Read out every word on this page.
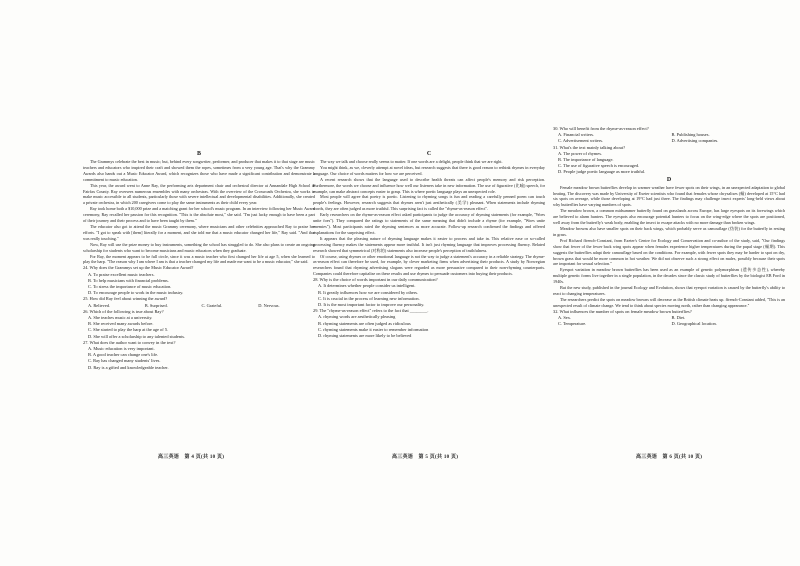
B

The Grammys celebrate the best in music; but, behind every songwriter, performer, and producer that makes it to that stage are music teachers and educators who inspired their craft and showed them the ropes, sometimes from a very young age. That's why the Grammy Awards also hands out a Music Educator Award, which recognizes those who have made a significant contribution and demonstrate a commitment to music education.

This year, the award went to Anne Ray, the performing arts department chair and orchestral director at Annandale High School in Fairfax County. Ray oversees numerous ensembles with many orchestras. With the overview of the Crossroads Orchestra, she works to make music accessible to all students, particularly those with severe intellectual and developmental disabilities. Additionally, she created a private orchestra, in which 200 caregivers come to play the same instruments as their child every year.

Ray took home both a $10,000 prize and a matching grant for her school's music program. In an interview following her Music Award ceremony, Ray recalled her passion for this recognition. "This is the absolute most," she said. "I'm just lucky enough to have been a part of their journey and their process and to have been taught by them."

The educator also got to attend the music Grammy ceremony, where musicians and other celebrities approached Ray to praise her efforts. "I got to speak with [them] literally for a moment, and she told me that a music educator changed her life," Ray said. "And that was really touching."

Now, Ray will use the prize money to buy instruments, something the school has struggled to do. She also plans to create an ongoing scholarship for students who want to become musicians and music educators when they graduate.

For Ray, the moment appears to be full circle, since it was a music teacher who first changed her life at age 5, when she learned to play the harp. "The reason why I am where I am is that a teacher changed my life and made me want to be a music educator," she said.

24. Why does the Grammys set up the Music Educator Award?

A. To praise excellent music teachers.

B. To help musicians with financial problems.

C. To stress the importance of music education.

D. To encourage people to work in the music industry.

25. How did Ray feel about winning the award?

A. Relieved.	B. Surprised.	C. Grateful.	D. Nervous.

26. Which of the following is true about Ray?

A. She teaches music at a university.

B. She received many awards before.

C. She started to play the harp at the age of 5.

D. She will offer a scholarship to any talented students.

27. What does the author want to convey in the text?

A. Music education is very important.

B. A good teacher can change one's life.

C. Ray has changed many students' lives.

D. Ray is a gifted and knowledgeable teacher.

C

The way we talk and choose really seems to matter. If one words are a delight, people think that we are right.

You might think, as we, cleverly attempt at novel ideas, but research suggests that there is good reason to rethink rhymes in everyday language. Our choice of words matters for how we are perceived.

A recent research shows that the language used to describe health threats can affect people's memory and risk perception. Furthermore, the words we choose and influence how well our listeners take in new information. The use of figurative (比喻) speech, for example, can make abstract concepts easier to grasp. This is where poetic language plays an unexpected role.

Most people will agree that poetry is poetic. Listening to rhyming songs is fun and reading a carefully penned poem can touch people's feelings. However, research suggests that rhymes aren't just aesthetically (美学) pleasant. When statements include rhyming words, they are often judged as more truthful. This surprising fact is called the "rhyme-as-reason effect".

Early researchers on the rhyme-as-reason effect asked participants to judge the accuracy of rhyming statements (for example, "Woes unite foes"). They compared the ratings to statements of the same meaning that didn't include a rhyme (for example, "Woes unite enemies"). Most participants rated the rhyming sentences as more accurate. Follow-up research confirmed the findings and offered explanations for the surprising effect.

It appears that the pleasing nature of rhyming language makes it easier to process and take in. This relative ease or so-called processing fluency makes the statements appear more truthful. It isn't just rhyming language that improves processing fluency. Related research showed that symmetrical (对称的) statements also increase people's perception of truthfulness.

Of course, using rhymes or other emotional language is not the way to judge a statement's accuracy in a reliable strategy. The rhyme-as-reason effect can therefore be used, for example, by clever marketing firms when advertising their products. A study by Norwegian researchers found that rhyming advertising slogans were regarded as more persuasive compared to their non-rhyming counterparts. Companies could therefore capitalise on these results and use rhymes to persuade customers into buying their products.

28. Why is the choice of words important in our daily communication?

A. It determines whether people consider us intelligent.

B. It greatly influences how we are considered by others.

C. It is crucial in the process of learning new information.

D. It is the most important factor to improve our personality.

29. The "rhyme-as-reason effect" refers to the fact that ________.

A. rhyming words are aesthetically pleasing

B. rhyming statements are often judged as ridiculous

C. rhyming statements make it easier to remember information

D. rhyming statements are more likely to be believed

30. Who will benefit from the rhyme-as-reason effect?

A. Financial writers.	B. Publishing houses.
C. Advertisement writers.	D. Advertising companies.

31. What's the text mainly talking about?

A. The power of rhymes.

B. The importance of language.

C. The use of figurative speech is encouraged.

D. People judge poetic language as more truthful.

D

Female meadow brown butterflies develop in warmer weather have fewer spots on their wings, in an unexpected adaptation to global heating. The discovery was made by University of Exeter scientists who found that females whose chrysalises (蛹) developed at 15°C had six spots on average, while those developing at 19°C had just three. The findings may challenge insect experts' long-held views about why butterflies have varying numbers of spots.

The meadow brown, a common midsummer butterfly found on grasslands across Europe, has large eyespots on its forewings which are believed to alarm hunters. The eyespots also encourage potential hunters to focus on the wing-edge where the spots are positioned, well away from the butterfly's weak body, enabling the insect to escape attacks with no more damage than broken wings.

Meadow browns also have smaller spots on their back wings, which probably serve as camouflage (伪装) for the butterfly in resting in grass.

Prof Richard ffrench-Constant, from Exeter's Centre for Ecology and Conservation and co-author of the study, said, "Our findings show that fewer of the fewer back wing spots appear when females experience higher temperatures during the pupal stage (蛹期). This suggests the butterflies adapt their camouflage based on the conditions. For example, with fewer spots they may be harder to spot on dry, brown grass that would be more common in hot weather. We did not observe such a strong effect on males, possibly because their spots are important for sexual selection."

Eyespot variation in meadow brown butterflies has been used as an example of genetic polymorphism (遗传多态性), whereby multiple genetic forms live together in a single population, in the decades since the classic study of butterflies by the biologist EB Ford in 1940s.

But the new study, published in the journal Ecology and Evolution, shows that eyespot variation is caused by the butterfly's ability to react to changing temperatures.

The researchers predict the spots on meadow browns will decrease as the British climate heats up. ffrench-Constant added, "This is an unexpected result of climate change. We tend to think about species moving north, rather than changing appearance."

32. What influences the number of spots on female meadow brown butterflies?

A. Sex.	B. Diet.
C. Temperature.	D. Geographical location.
高三英语　第 4 页(共 10 页)	高三英语　第 5 页(共 10 页)	高三英语　第 6 页(共 10 页)
